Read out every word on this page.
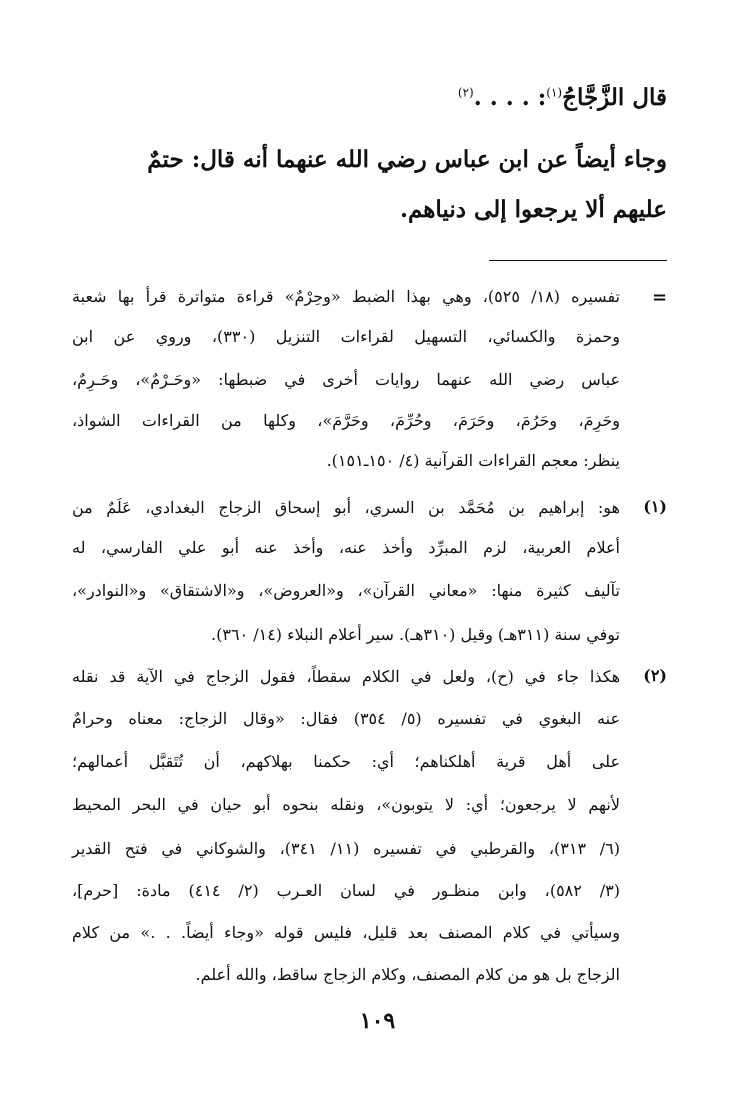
قال الزَّجَّاجُ$^{(١)}$: . . . .$^{(٢)}$
وجاء أيضاً عن ابن عباس رضي الله عنهما أنه قال: حتمٌ
عليهم ألا يرجعوا إلى دنياهم.
=
تفسيره (١٨/ ٥٢٥)، وهي بهذا الضبط «وحِرْمٌ» قراءة متواترة قرأ بها شعبة
وحمزة والكسائي، التسهيل لقراءات التنزيل (٣٣٠)، وروي عن ابن
عباس رضي الله عنهما روايات أخرى في ضبطها: «وحَـرْمٌ»، وحَـرِمٌ،
وحَرِمَ، وحَرُمَ، وحَرَمَ، وحُرِّمَ، وحَرَّمَ»، وكلها من القراءات الشواذ،
ينظر: معجم القراءات القرآنية (٤/ ١٥٠ـ١٥١).
(١)
هو: إبراهيم بن مُحَمَّد بن السري، أبو إسحاق الزجاج البغدادي، عَلَمٌ من
أعلام العربية، لزم المبرِّد وأخذ عنه، وأخذ عنه أبو علي الفارسي، له
تآليف كثيرة منها: «معاني القرآن»، و«العروض»، و«الاشتقاق» و«النوادر»،
توفي سنة (٣١١هـ) وقيل (٣١٠هـ). سير أعلام النبلاء (١٤/ ٣٦٠).
(٢)
هكذا جاء في (ح)، ولعل في الكلام سقطاً، فقول الزجاج في الآية قد نقله
عنه البغوي في تفسيره (٥/ ٣٥٤) فقال: «وقال الزجاج: معناه وحرامٌ
على أهل قرية أهلكناهم؛ أي: حكمنا بهلاكهم، أن تُتَقبَّل أعمالهم؛
لأنهم لا يرجعون؛ أي: لا يتوبون»، ونقله بنحوه أبو حيان في البحر المحيط
(٦/ ٣١٣)، والقرطبي في تفسيره (١١/ ٣٤١)، والشوكاني في فتح القدير
(٣/ ٥٨٢)، وابن منظـور في لسان العـرب (٢/ ٤١٤) مادة: [حرم]،
وسيأتي في كلام المصنف بعد قليل، فليس قوله «وجاء أيضاً. . .» من كلام
الزجاج بل هو من كلام المصنف، وكلام الزجاج ساقط، والله أعلم.
١٠٩
